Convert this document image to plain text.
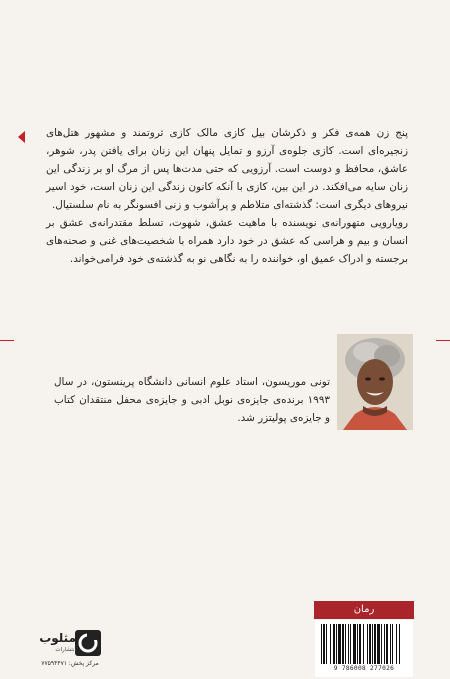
پنج زن همه‌ی فکر و ذکرشان بیل کازی مالک کازی ثروتمند و مشهور هتل‌های زنجیره‌ای است. کازی جلوه‌ی آرزو و تمایل پنهان این زنان برای یافتن پدر، شوهر، عاشق، محافظ و دوست است. آرزویی که حتی مدت‌ها پس از مرگ او بر زندگی این زنان سایه می‌افکند. در این بین، کازی با آنکه کانون زندگی این زنان است، خود اسیر نیروهای دیگری است: گذشته‌ای متلاطم و پرآشوب و زنی افسونگر به نام سلستیال.

رویارویی متهورانه‌ی نویسنده با ماهیت عشق، شهوت، تسلط مقتدرانه‌ی عشق بر انسان و بیم و هراسی که عشق در خود دارد همراه با شخصیت‌های غنی و صحنه‌های برجسته و ادراک عمیق او، خواننده را به نگاهی نو به گذشته‌ی خود فرامی‌خواند.

تونی موریسون، استاد علوم انسانی دانشگاه پرینستون، در سال ۱۹۹۳ برنده‌ی جایزه‌ی نوبل ادبی و جایزه‌ی محفل منتقدان کتاب و جایزه‌ی پولیتزر شد.

رمان
9 786008 277026
مثلوب
انتشارات
مرکز پخش: ۷۷۵۹۴۴۷۱
